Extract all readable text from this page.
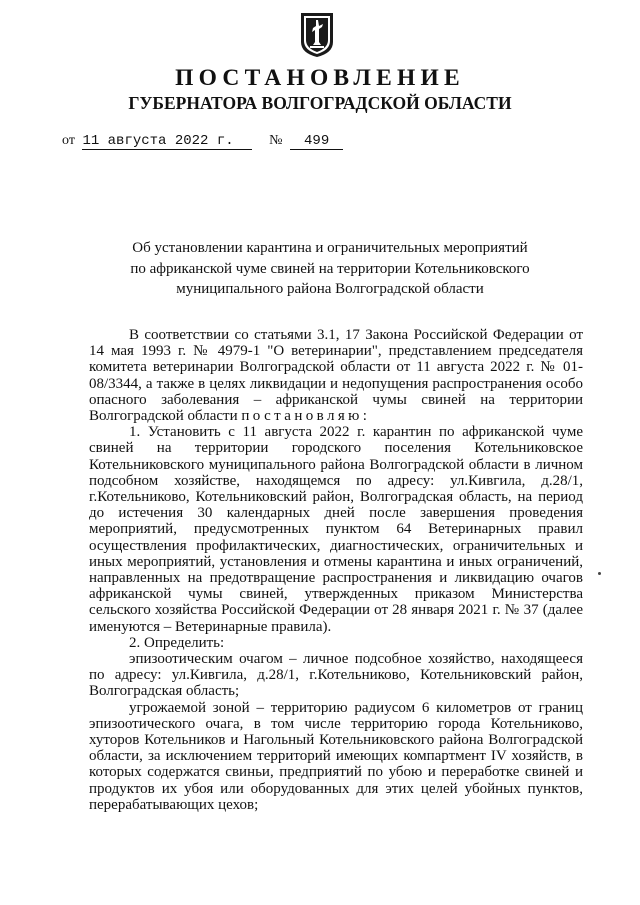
ПОСТАНОВЛЕНИЕ
ГУБЕРНАТОРА ВОЛГОГРАДСКОЙ ОБЛАСТИ
от 11 августа 2022 г.	№ 499
Об установлении карантина и ограничительных мероприятий
по африканской чуме свиней на территории Котельниковского
муниципального района Волгоградской области

В соответствии со статьями 3.1, 17 Закона Российской Федерации от 14 мая 1993 г. № 4979-1 "О ветеринарии", представлением председателя комитета ветеринарии Волгоградской области от 11 августа 2022 г. № 01-08/3344, а также в целях ликвидации и недопущения распространения особо опасного заболевания – африканской чумы свиней на территории Волгоградской области постановляю:

1. Установить с 11 августа 2022 г. карантин по африканской чуме свиней на территории городского поселения Котельниковское Котельниковского муниципального района Волгоградской области в личном подсобном хозяйстве, находящемся по адресу: ул.Кивгила, д.28/1, г.Котельниково, Котельниковский район, Волгоградская область, на период до истечения 30 календарных дней после завершения проведения мероприятий, предусмотренных пунктом 64 Ветеринарных правил осуществления профилактических, диагностических, ограничительных и иных мероприятий, установления и отмены карантина и иных ограничений, направленных на предотвращение распространения и ликвидацию очагов африканской чумы свиней, утвержденных приказом Министерства сельского хозяйства Российской Федерации от 28 января 2021 г. № 37 (далее именуются – Ветеринарные правила).

2. Определить:

эпизоотическим очагом – личное подсобное хозяйство, находящееся по адресу: ул.Кивгила, д.28/1, г.Котельниково, Котельниковский район, Волгоградская область;

угрожаемой зоной – территорию радиусом 6 километров от границ эпизоотического очага, в том числе территорию города Котельниково, хуторов Котельников и Нагольный Котельниковского района Волгоградской области, за исключением территорий имеющих компартмент IV хозяйств, в которых содержатся свиньи, предприятий по убою и переработке свиней и продуктов их убоя или оборудованных для этих целей убойных пунктов, перерабатывающих цехов;
